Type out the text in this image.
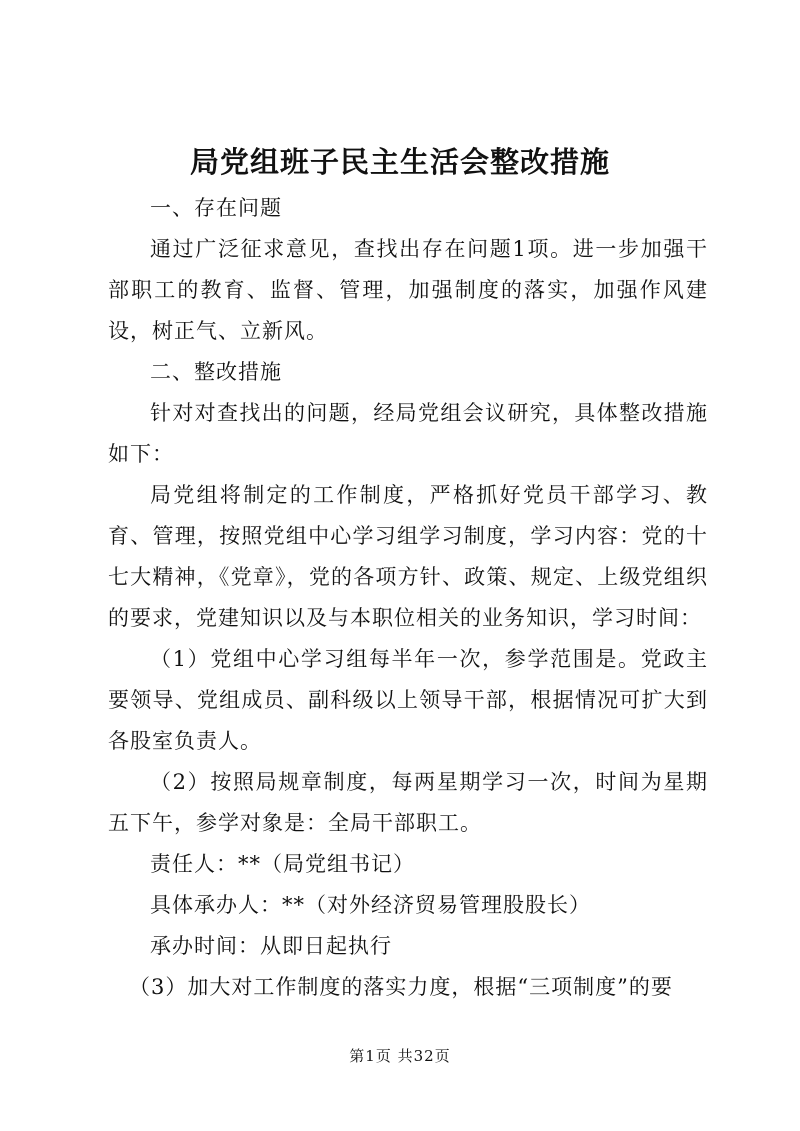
局党组班子民主生活会整改措施

一、存在问题

通过广泛征求意见，查找出存在问题1项。进一步加强干部职工的教育、监督、管理，加强制度的落实，加强作风建设，树正气、立新风。

二、整改措施

针对对查找出的问题，经局党组会议研究，具体整改措施如下：

局党组将制定的工作制度，严格抓好党员干部学习、教育、管理，按照党组中心学习组学习制度，学习内容：党的十七大精神，《党章》，党的各项方针、政策、规定、上级党组织的要求，党建知识以及与本职位相关的业务知识，学习时间：

（1）党组中心学习组每半年一次，参学范围是。党政主要领导、党组成员、副科级以上领导干部，根据情况可扩大到各股室负责人。

（2）按照局规章制度，每两星期学习一次，时间为星期五下午，参学对象是：全局干部职工。

责任人：**（局党组书记）

具体承办人：**（对外经济贸易管理股股长）

承办时间：从即日起执行

（3）加大对工作制度的落实力度，根据“三项制度”的要

第1页 共32页
